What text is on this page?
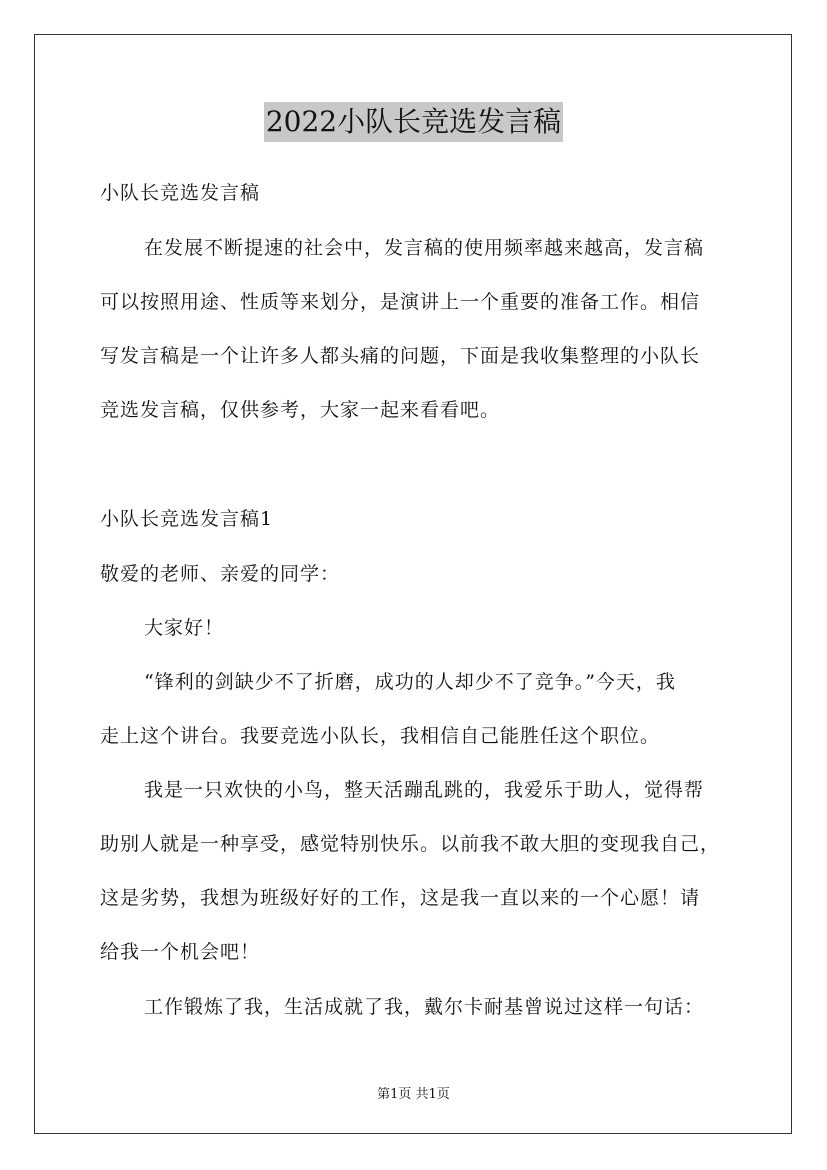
2022小队长竞选发言稿
小队长竞选发言稿
在发展不断提速的社会中，发言稿的使用频率越来越高，发言稿
可以按照用途、性质等来划分，是演讲上一个重要的准备工作。相信
写发言稿是一个让许多人都头痛的问题，下面是我收集整理的小队长
竞选发言稿，仅供参考，大家一起来看看吧。
小队长竞选发言稿1
敬爱的老师、亲爱的同学：
大家好！
“锋利的剑缺少不了折磨，成功的人却少不了竞争。”今天，我
走上这个讲台。我要竞选小队长，我相信自己能胜任这个职位。
我是一只欢快的小鸟，整天活蹦乱跳的，我爱乐于助人，觉得帮
助别人就是一种享受，感觉特别快乐。以前我不敢大胆的变现我自己，
这是劣势，我想为班级好好的工作，这是我一直以来的一个心愿！请
给我一个机会吧！
工作锻炼了我，生活成就了我，戴尔卡耐基曾说过这样一句话：
第1页 共1页
